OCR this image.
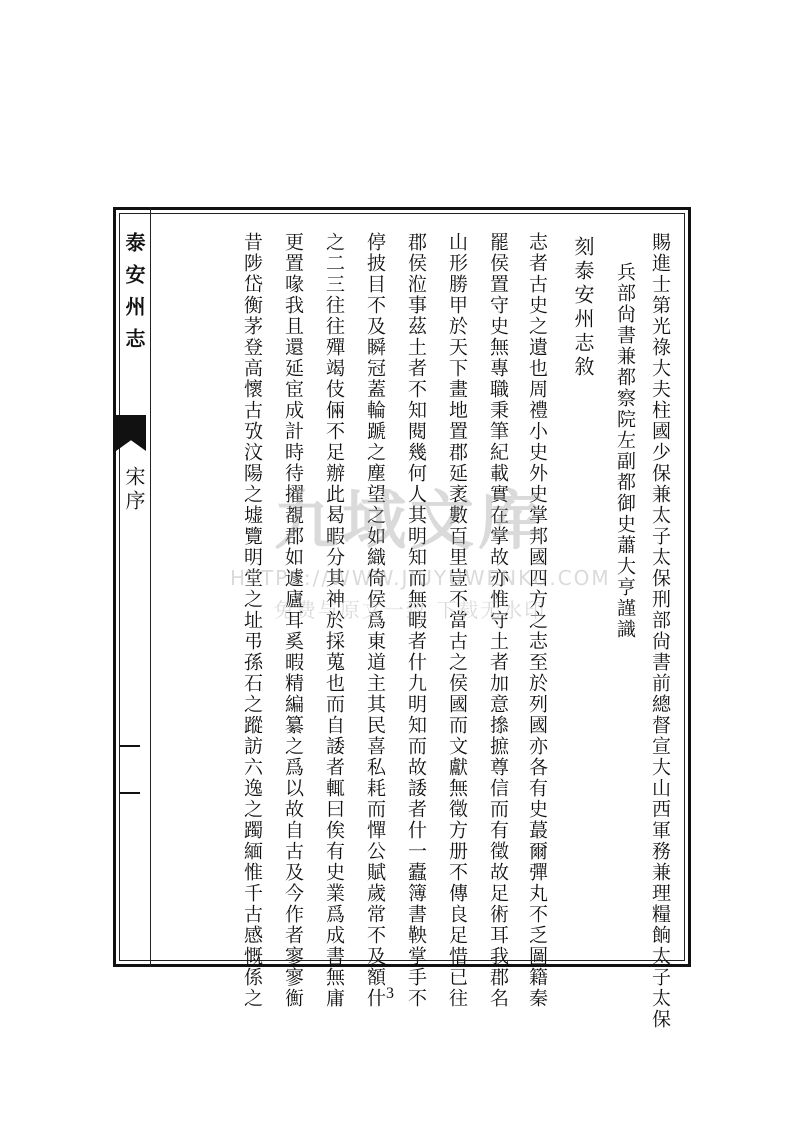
泰安州志
宋序	賜進士第光祿大夫柱國少保兼太子太保刑部尙書前總督宣大山西軍務兼理糧餉太子太保
兵部尙書兼都察院左副都御史蕭大亨謹識
刻泰安州志敘
志者古史之遺也周禮小史外史掌邦國四方之志至於列國亦各有史蕞爾彈丸不乏圖籍秦
罷侯置守史無專職秉筆紀載實在掌故亦惟守土者加意撡摭尊信而有徵故足術耳我郡名
山形勝甲於天下畫地置郡延袤數百里豈不當古之侯國而文獻無徵方册不傳良足惜已往
郡侯涖事茲土者不知閱幾何人其明知而無暇者什九明知而故諉者什一蠹簿書鞅掌手不
停披目不及瞬冠蓋輪蹏之塵望之如織倚侯爲東道主其民喜私耗而憚公賦歲常不及額什
之二三往往殫竭伎倆不足辦此曷暇分其神於採蒐也而自諉者輒曰俟有史業爲成書無庸
更置喙我且還延宦成計時待擢覩郡如遽廬耳奚暇精編纂之爲以故自古及今作者寥寥𢖍
昔陟岱衡茅登高懷古攷汶陽之墟覽明堂之址弔孫石之蹤訪六逸之躅緬惟千古感慨係之 九域文库
HTTPS://WWW.JIUYUWENKU.COM
免费与原文一致 下载无水印
3
